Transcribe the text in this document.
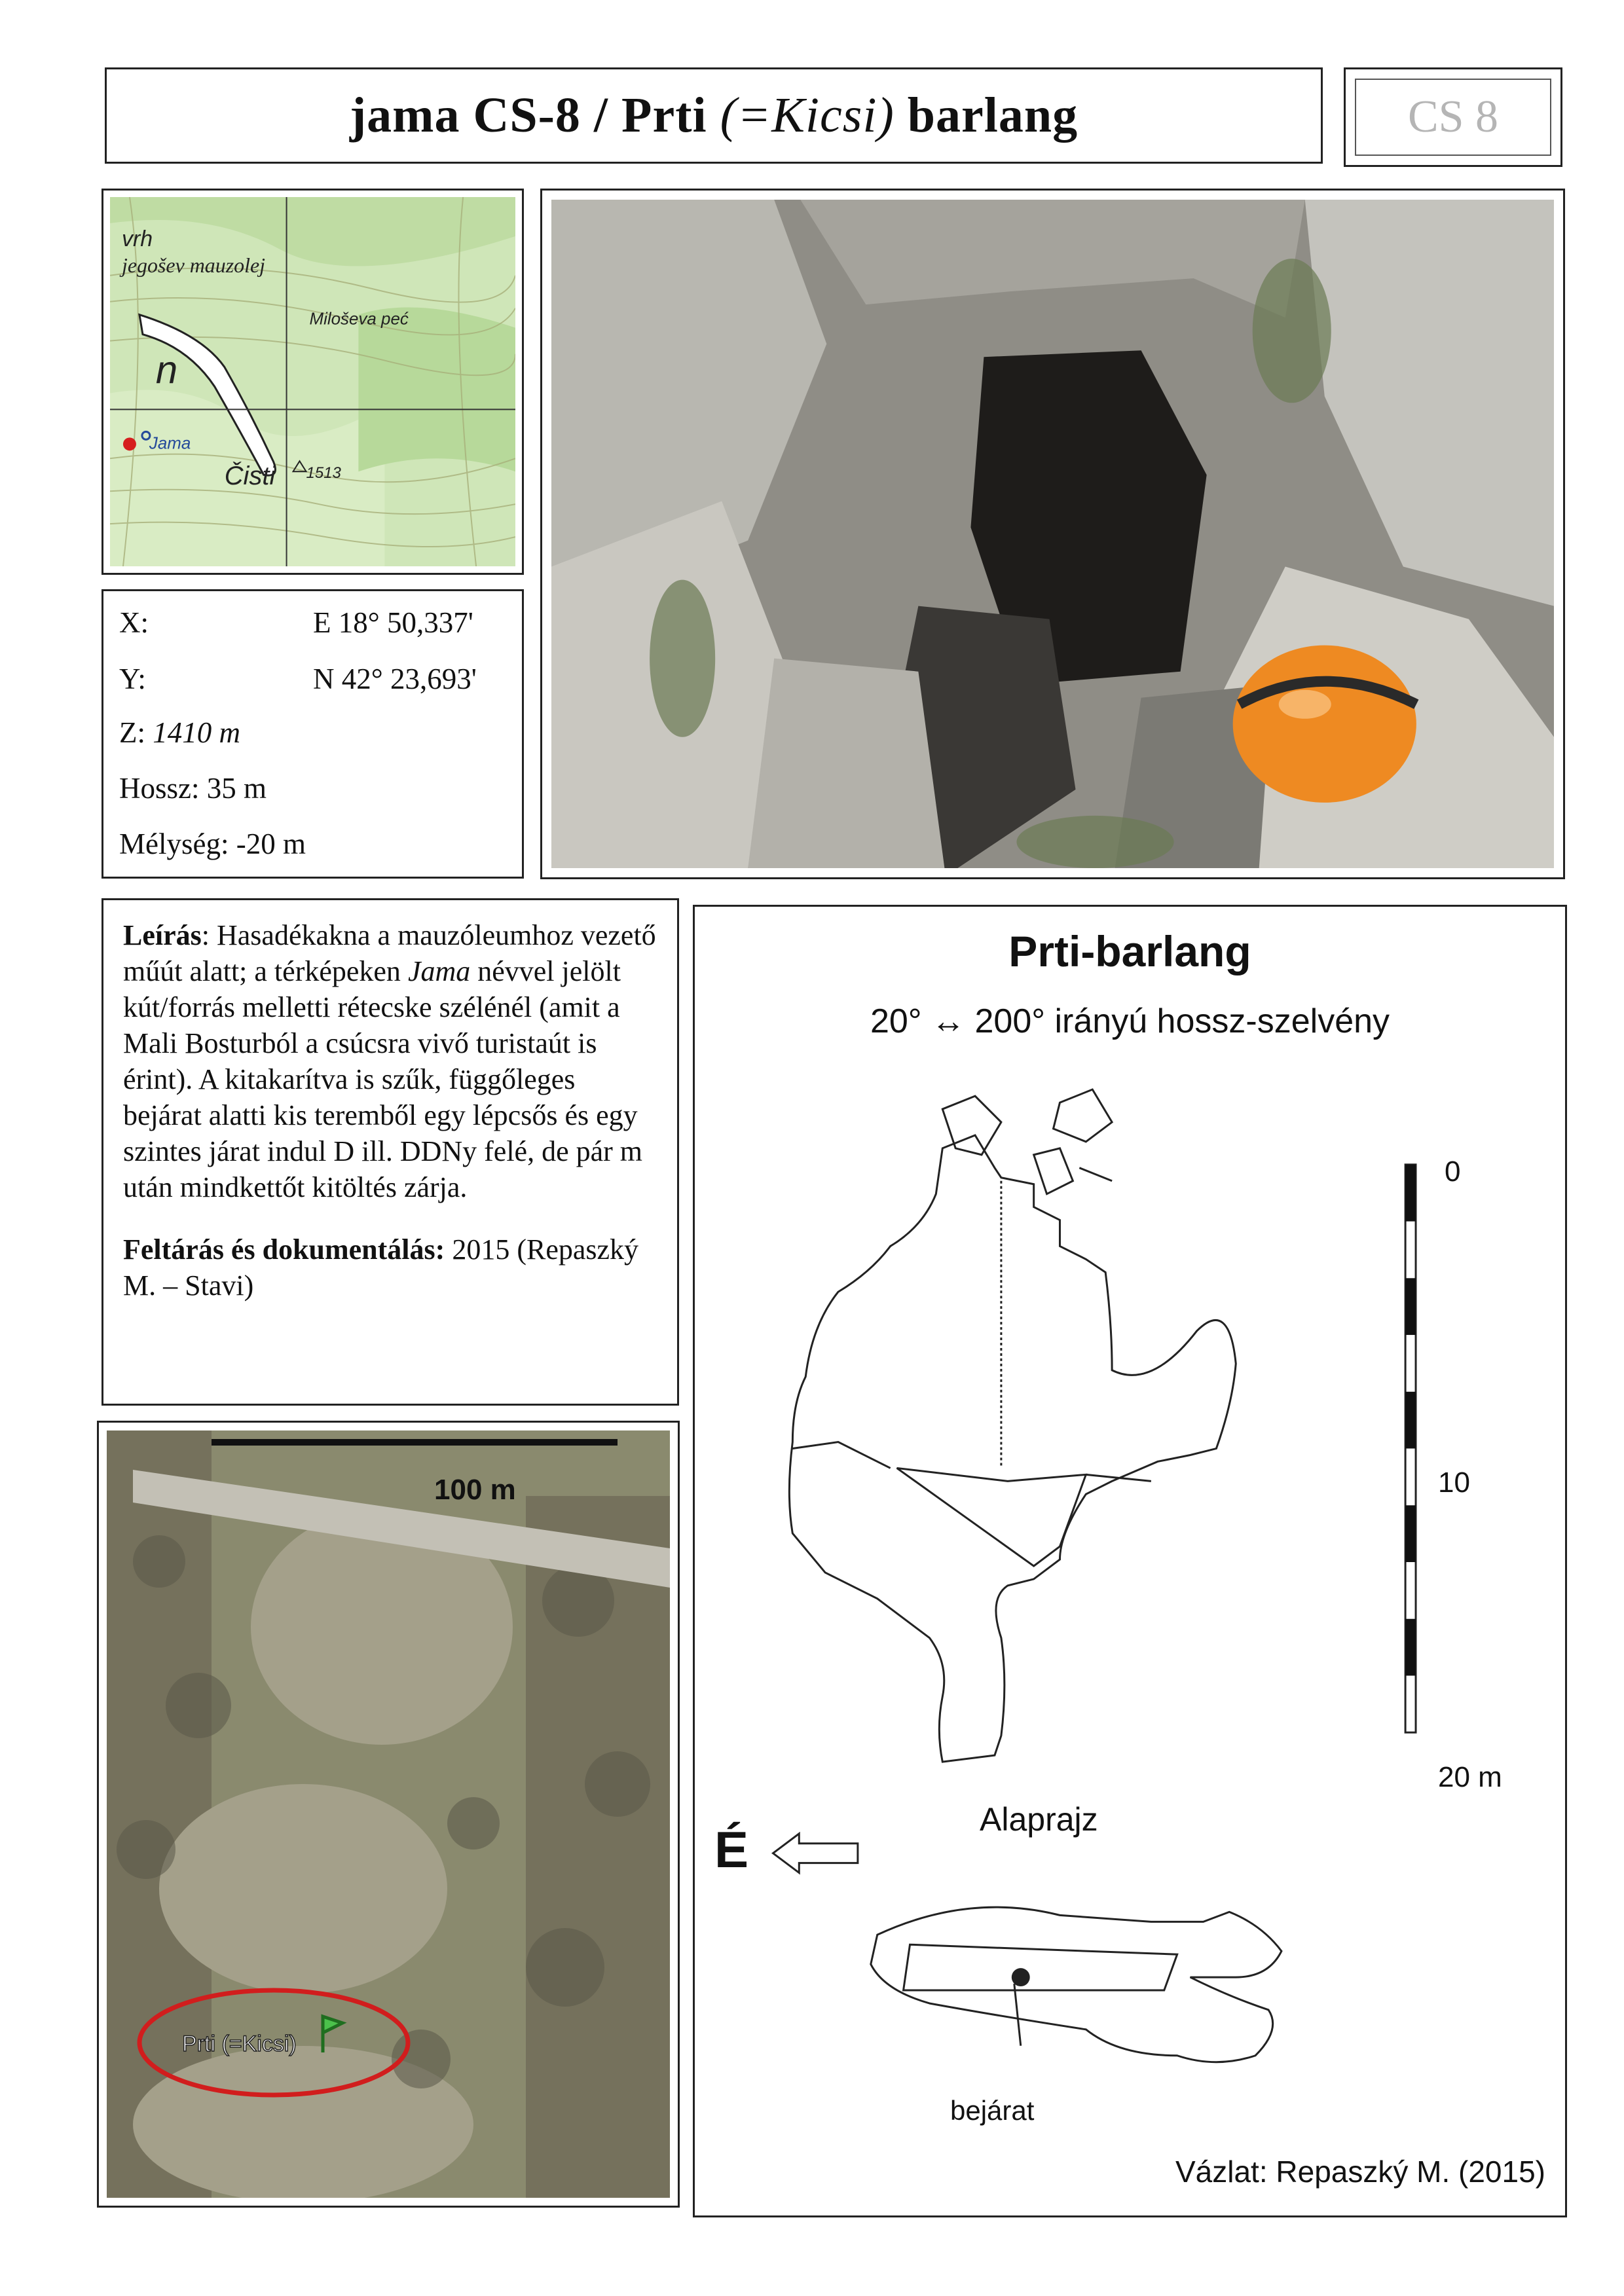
jama CS-8 / Prti (=Kicsi) barlang	CS 8
vrh
jegošev mauzolej
Miloševa peć
n
Jama
Čisti 1513
X:	E 18° 50,337'
Y:	N 42° 23,693'
Z: 1410 m
Hossz: 35 m
Mélység: -20 m

Leírás: Hasadékakna a mauzóleumhoz vezető műút alatt; a térképeken Jama névvel jelölt kút/forrás melletti rétecske szélénél (amit a Mali Bosturból a csúcsra vivő turistaút is érint). A kitakarítva is szűk, függőleges bejárat alatti kis teremből egy lépcsős és egy szintes járat indul D ill. DDNy felé, de pár m után mindkettőt kitöltés zárja.

Feltárás és dokumentálás: 2015 (Repaszký M. – Stavi)

100 m
Prti (=Kicsi)
Prti-barlang
20° ↔ 200° irányú hossz-szelvény
0
10
20 m
É
Alaprajz
bejárat
Vázlat: Repaszký M. (2015)
